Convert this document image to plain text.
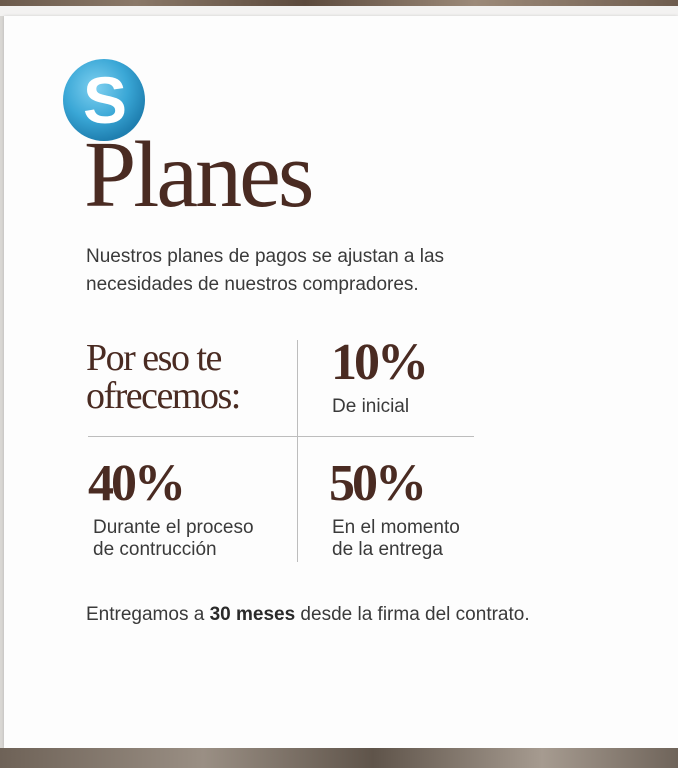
S
Planes

Nuestros planes de pagos se ajustan a las

necesidades de nuestros compradores.

Por eso te
ofrecemos:
10%
De inicial
40%
Durante el proceso
de contrucción
50%
En el momento
de la entrega
Entregamos a 30 meses desde la firma del contrato.
